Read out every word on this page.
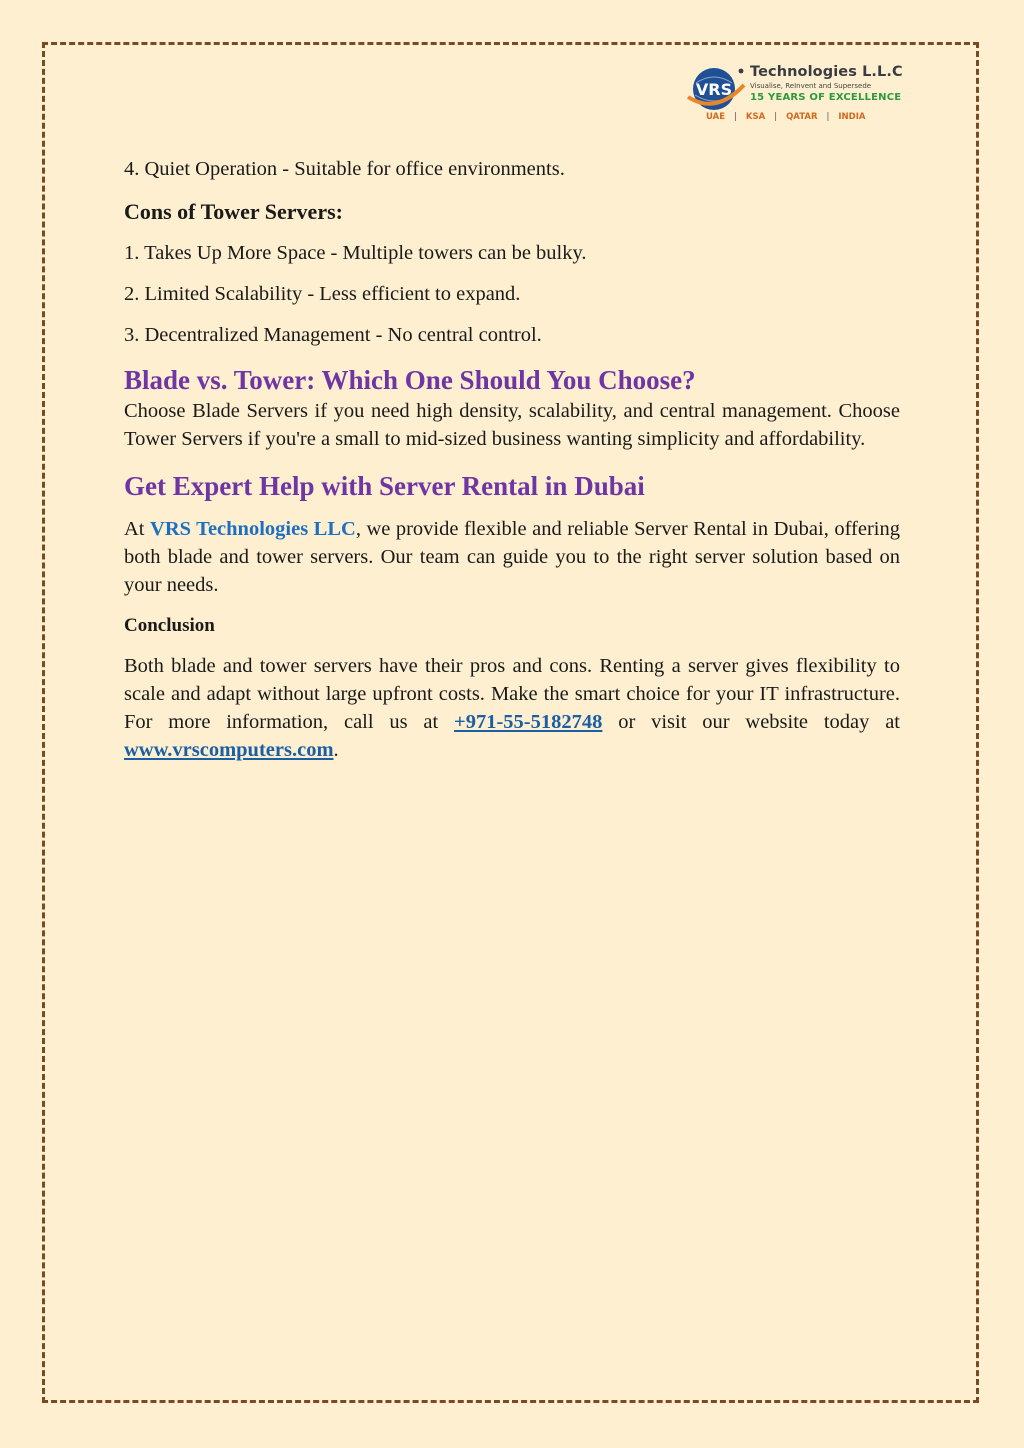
VRS
Technologies L.L.C
Visualise, ReInvent and Supersede
15 YEARS OF EXCELLENCE
UAE | KSA | QATAR | INDIA

4. Quiet Operation - Suitable for office environments.

Cons of Tower Servers:

1. Takes Up More Space - Multiple towers can be bulky.

2. Limited Scalability - Less efficient to expand.

3. Decentralized Management - No central control.

Blade vs. Tower: Which One Should You Choose?

Choose Blade Servers if you need high density, scalability, and central management. Choose Tower Servers if you're a small to mid-sized business wanting simplicity and affordability.

Get Expert Help with Server Rental in Dubai

At VRS Technologies LLC, we provide flexible and reliable Server Rental in Dubai, offering both blade and tower servers. Our team can guide you to the right server solution based on your needs.

Conclusion

Both blade and tower servers have their pros and cons. Renting a server gives flexibility to scale and adapt without large upfront costs. Make the smart choice for your IT infrastructure. For more information, call us at +971-55-5182748 or visit our website today at www.vrscomputers.com.
